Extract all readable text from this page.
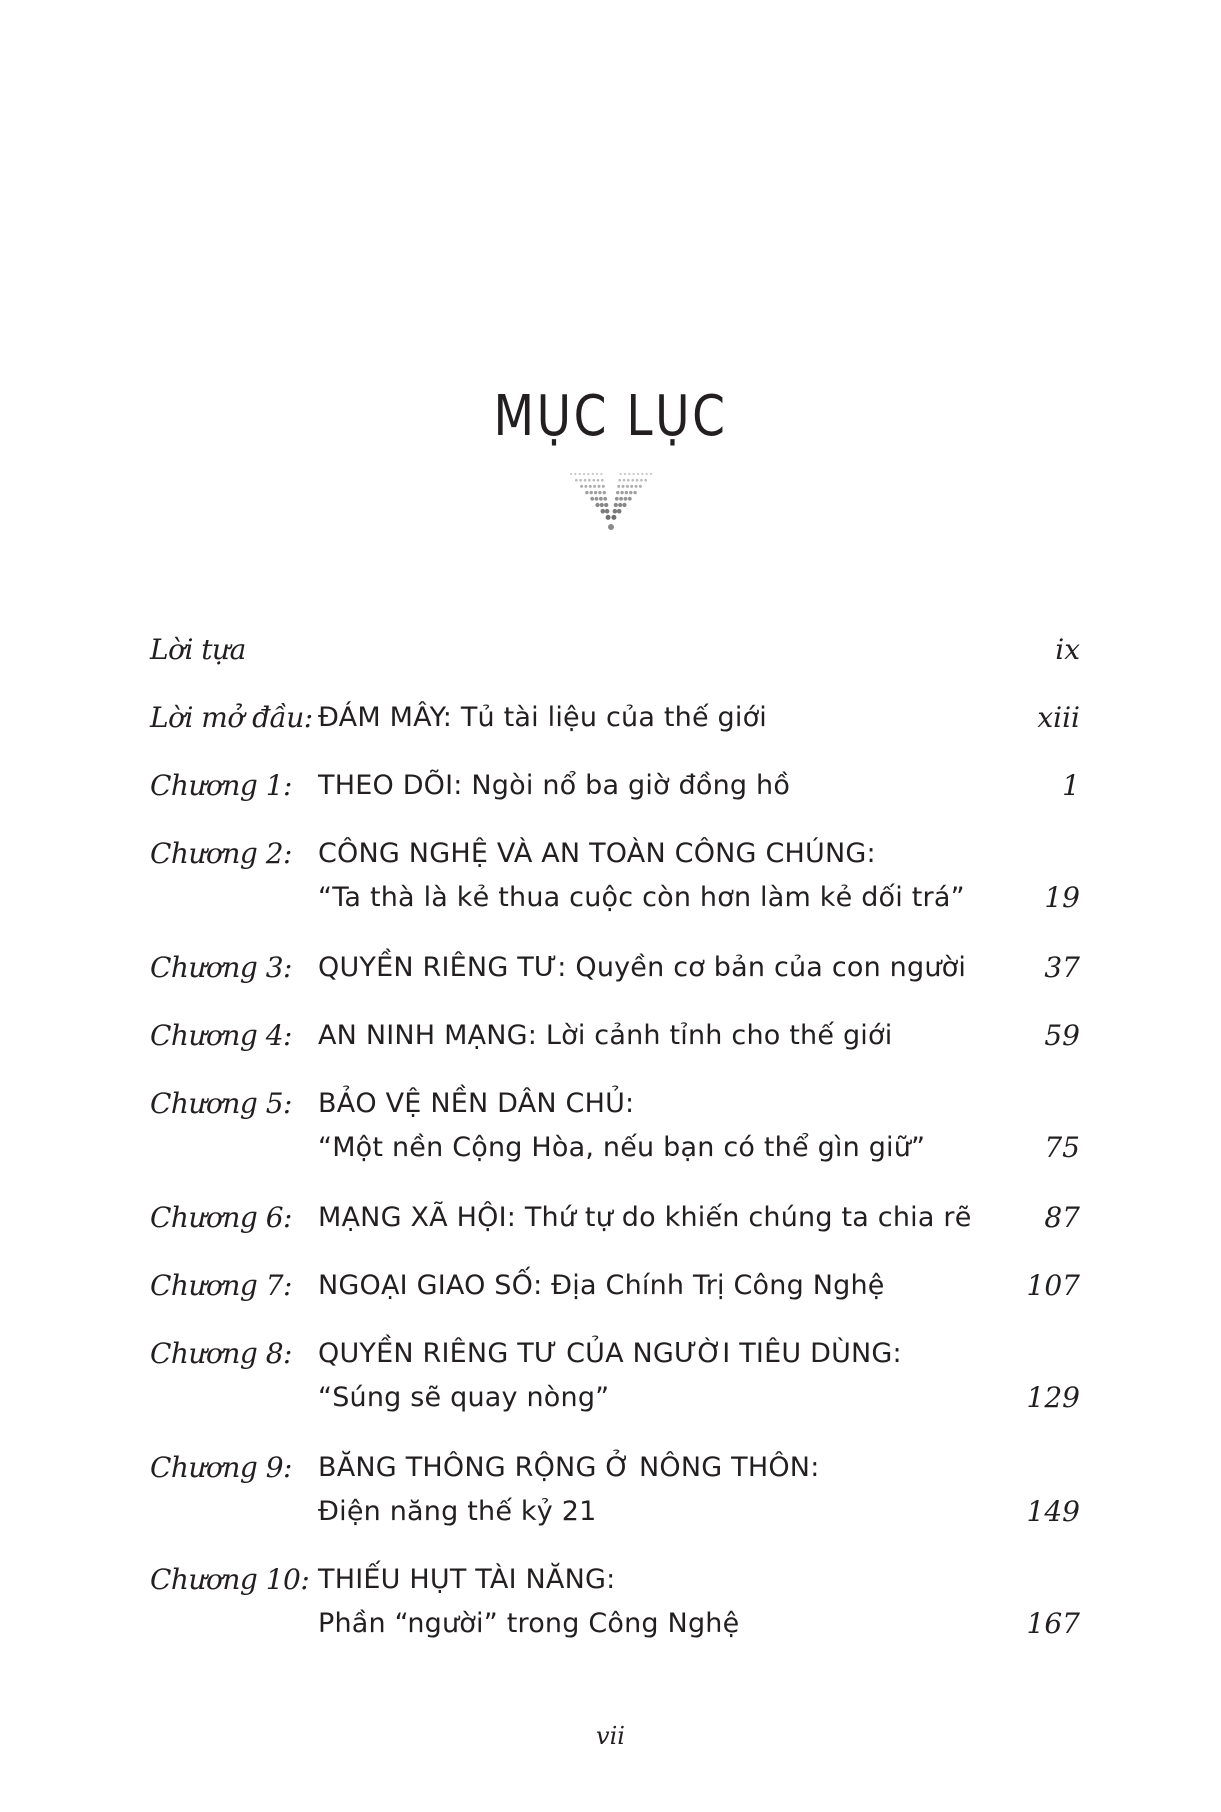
MỤC LỤC
Lời tựa	ix
Lời mở đầu: ĐÁM MÂY: Tủ tài liệu của thế giới	xiii
Chương 1: THEO DÕI: Ngòi nổ ba giờ đồng hồ	1
Chương 2: CÔNG NGHỆ VÀ AN TOÀN CÔNG CHÚNG:
“Ta thà là kẻ thua cuộc còn hơn làm kẻ dối trá”	19
Chương 3: QUYỀN RIÊNG TƯ: Quyền cơ bản của con người	37
Chương 4: AN NINH MẠNG: Lời cảnh tỉnh cho thế giới	59
Chương 5: BẢO VỆ NỀN DÂN CHỦ:
“Một nền Cộng Hòa, nếu bạn có thể gìn giữ”	75
Chương 6: MẠNG XÃ HỘI: Thứ tự do khiến chúng ta chia rẽ	87
Chương 7: NGOẠI GIAO SỐ: Địa Chính Trị Công Nghệ	107
Chương 8: QUYỀN RIÊNG TƯ CỦA NGƯỜI TIÊU DÙNG:
“Súng sẽ quay nòng”	129
Chương 9: BĂNG THÔNG RỘNG Ở NÔNG THÔN:
Điện năng thế kỷ 21	149
Chương 10: THIẾU HỤT TÀI NĂNG:
Phần “người” trong Công Nghệ	167
vii
